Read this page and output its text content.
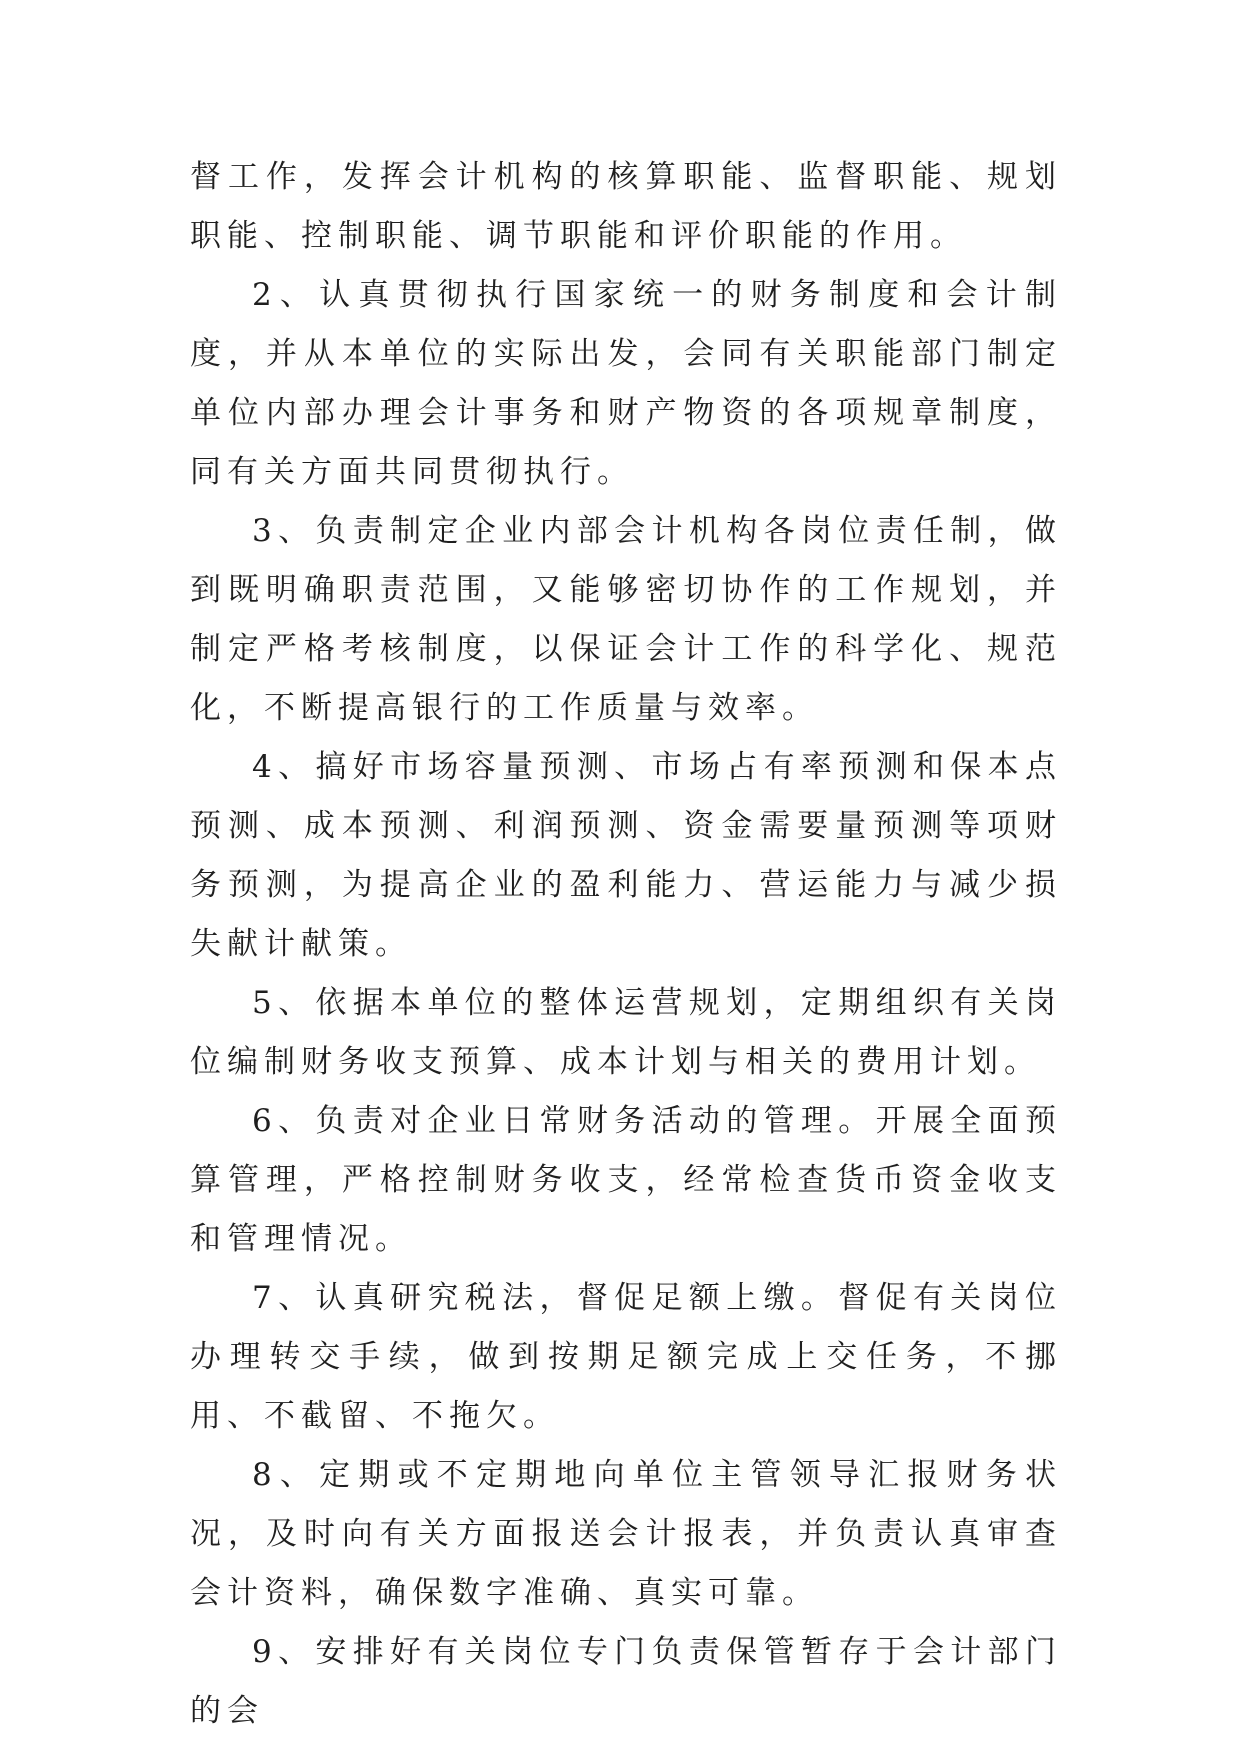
督工作，发挥会计机构的核算职能、监督职能、规划职能、控制职能、调节职能和评价职能的作用。

2、认真贯彻执行国家统一的财务制度和会计制度，并从本单位的实际出发，会同有关职能部门制定单位内部办理会计事务和财产物资的各项规章制度，同有关方面共同贯彻执行。

3、负责制定企业内部会计机构各岗位责任制，做到既明确职责范围，又能够密切协作的工作规划，并制定严格考核制度，以保证会计工作的科学化、规范化，不断提高银行的工作质量与效率。

4、搞好市场容量预测、市场占有率预测和保本点预测、成本预测、利润预测、资金需要量预测等项财务预测，为提高企业的盈利能力、营运能力与减少损失献计献策。

5、依据本单位的整体运营规划，定期组织有关岗位编制财务收支预算、成本计划与相关的费用计划。

6、负责对企业日常财务活动的管理。开展全面预算管理，严格控制财务收支，经常检查货币资金收支和管理情况。

7、认真研究税法，督促足额上缴。督促有关岗位办理转交手续，做到按期足额完成上交任务，不挪用、不截留、不拖欠。

8、定期或不定期地向单位主管领导汇报财务状况，及时向有关方面报送会计报表，并负责认真审查会计资料，确保数字准确、真实可靠。

9、安排好有关岗位专门负责保管暂存于会计部门的会
